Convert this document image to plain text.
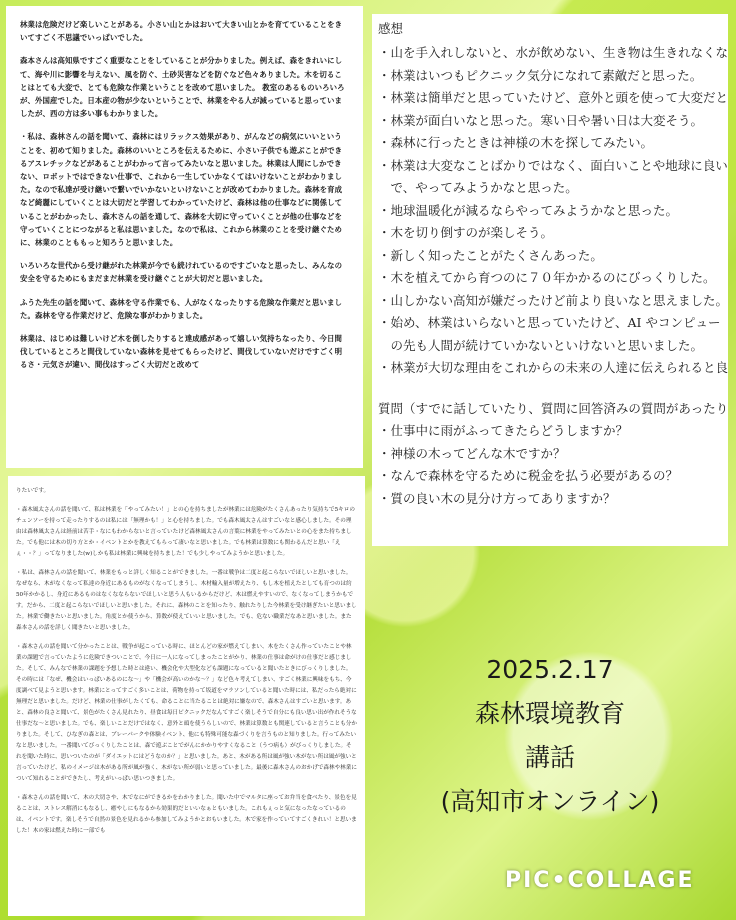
林業は危険だけど楽しいことがある。小さい山とかはおいて大きい山とかを育てていることをきいてすごく不思議でいっぱいでした。

森本さんは高知県ですごく重要なことをしていることが分かりました。例えば、森をきれいにして、海や川に影響を与えない、風を防ぐ、土砂災害などを防ぐなど色々ありました。木を切ることはとても大変で、とても危険な作業ということを改めて思いました。 教室のあるものいろいろが、外国産でした。日本産の物が少ないということで、林業をやる人が減っていると思っていましたが、西の方は多い事もわかりました。

・私は、森林さんの話を聞いて、森林にはリラックス効果があり、がんなどの病気にいいということを、初めて知りました。森林のいいところを伝えるために、小さい子供でも遊ぶことができるアスレチックなどがあることがわかって言ってみたいなと思いました。林業は人間にしかできない、ロボットではできない仕事で、これから一生していかなくてはいけないことがわかりました。なので私達が受け継いで繋いでいかないといけないことが改めてわかりました。森林を育成など綺麗にしていくことは大切だと学習してわかっていたけど、森林は他の仕事などに関係していることがわかったし、森木さんの話を通して、森林を大切に守っていくことが他の仕事などを守っていくことにつながると私は思いました。なので私は、これから林業のことを受け継ぐために、林業のことももっと知ろうと思いました。

いろいろな世代から受け継がれた林業が今でも続けれているのですごいなと思ったし、みんなの安全を守るためにもまだまだ林業を受け継ぐことが大切だと思いました。

ふうた先生の話を聞いて、森林を守る作業でも、人がなくなったりする危険な作業だと思いました。森林を守る作業だけど、危険な事がわかりました。

林業は、はじめは難しいけど木を倒したりすると達成感があって嬉しい気持ちなったり、今日間伐しているところと間伐していない森林を見せてもらったけど、間伐していないだけですごく明るさ・元気さが違い、間伐はすっごく大切だと改めて

感想
・山を手入れしないと、水が飲めない、生き物は生きれなくな
・林業はいつもピクニック気分になれて素敵だと思った。
・林業は簡単だと思っていたけど、意外と頭を使って大変だと
・林業が面白いなと思った。寒い日や暑い日は大変そう。
・森林に行ったときは神様の木を探してみたい。
・林業は大変なことばかりではなく、面白いことや地球に良い
　で、やってみようかなと思った。
・地球温暖化が減るならやってみようかなと思った。
・木を切り倒すのが楽しそう。
・新しく知ったことがたくさんあった。
・木を植えてから育つのに７０年かかるのにびっくりした。
・山しかない高知が嫌だったけど前より良いなと思えました。
・始め、林業はいらないと思っていたけど、AI やコンピュー
　の先も人間が続けていかないといけないと思いました。
・林業が大切な理由をこれからの未来の人達に伝えられると良
質問（すでに話していたり、質問に回答済みの質問があったり
・仕事中に雨がふってきたらどうしますか？
・神様の木ってどんな木ですか？
・なんで森林を守るために税金を払う必要があるの？
・質の良い木の見分け方ってありますか？

りたいです。

・森木風太さんの話を聞いて、私は林業を「やってみたい！」との心を持ちましたが林業には危険がたくさんあったり気持ちで5キロのチェンソーを持って走ったりするのは私には「無理かも！」と心を持ちました。でも森木風太さんはすごいなと感心しました。その理由は森林風太さんは経前は苦手・なにもわからないと言っていたけど森林風太さんの言葉に林業をやってみたいとの心をまた持ちました。でも他には木の切り方とか・イベントとかを教えてもらって凄いなと思いました。でも林業は算数にも関わるんだと思い「えぇ・・？」ってなりました(w)しかも私は林業に興味を持ちました！でも少しやってみようかと思いました。

・私は、森林さんの話を聞いて、林業をもっと詳しく知ることができました。一番は戦争は二度と起こらないでほしいと思いました。なぜなら、木がなくなって私達の身近にあるものがなくなってしまうし、木材輸入量が増えたり、もし木を植えたとしても育つのは約50年かかるし、身近にあるものはなくなならないでほしいと思う人もいるからだけど、木は燃えやすいので、なくなってしまうかもです。だから、二度と起こらないでほしいと思いました。それに、森林のことを知ったり、触れたりした今林業を受け継ぎたいと思いました。林業で働きたいと思いました。角度とか使うから、算数が使えていいと思いました。でも、危ない職業だなあと思いました。また森本さんの話を詳しく聞きたいと思いました。

・森木さんの話を聞いて分かったことは、戦争が起こっている時に、ほとんどの家が燃えてしまい、木をたくさん作っていたことや林業の課題で言っていたように危険できついことで、今日に一人になってしまったことがかり、林業の仕事は命がけの仕事だと感じました。そして、みんなで林業の課題を予想した時とは違い、機会化や大型化なども課題になっていると聞いたときにびっくりしました。その時には「なぜ、機会はいっぱいあるのにな〜」や「機会が高いのかな〜？」など色々考えてしまい、すごく林業に興味をもち、今度調べて見ようと思います。林業にとってすごく多いことは、荷物を持って坂道をマラソンしていると聞いた時には、私だったら絶対に無理だと思いました。だけど、林業の仕事がしたくても、命ることに当たることは絶対に嫌なので、森木さんはすごいと思います。あと、森林の良さと聞いて、景色がたくさん見れたり、昼食は毎日ピクニックだなんてすごく楽しそうで自分にも良い思い出が作れそうな仕事だな〜と思いました。でも、楽しいことだけではなく、意外と頭を使うらしいので、林業は算数とも関連していると言うことも分かりました。そして、ひなぎの森とは、ブレーパークや体験イベント、他にも特殊可能な森づくりを言うものと知りました。行ってみたいなと思いました。一番聞いてびっくりしたことは、森で遊ぶことでがんにかかりやすくなること（うつ病も）がびっくりしました。それを聞いた時に、思いついたのが「ダイエットにはどうなのか？」と思いました。あと、木がある所は風が強い木がない所は風が強いと言っていたけど、私のイメージは木がある所が風が強く、木がない所が弱いと思っていました。最後に森木さんのおかげで森林や林業について知れることができたし、考えがいっぱい思いつきました。

・森木さんの話を聞いて、木の大切さや、木でなにができるかをわかりました。聞いた中でマルタに座ってお弁当を食べたり、景色を見ることは、ストレス解消にもなるし、癒やしにもなるから効果的だといいなぁともいました。これもぇっと気になったなっているのは、イベントです。楽しそうで自然の景色を見れるから参加してみようかとおもいました。木で家を作っていてすごくきれい！と思いました！木の家は燃えた時に一部でも

2025.2.17
森林環境教育
講話
(高知市オンライン)
PIC•COLLAGE
